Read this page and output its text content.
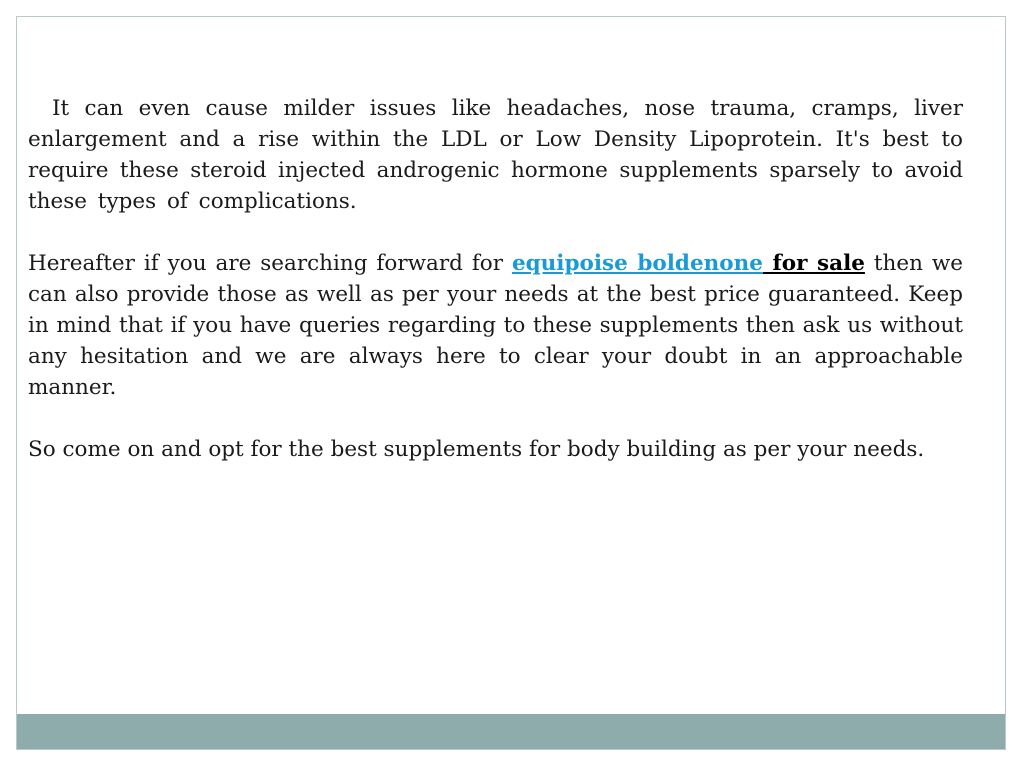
It can even cause milder issues like headaches, nose trauma, cramps, liver enlargement and a rise within the LDL or Low Density Lipoprotein. It's best to require these steroid injected androgenic hormone supplements sparsely to avoid these types of complications.

Hereafter if you are searching forward for equipoise boldenone for sale then we can also provide those as well as per your needs at the best price guaranteed. Keep in mind that if you have queries regarding to these supplements then ask us without any hesitation and we are always here to clear your doubt in an approachable manner.

So come on and opt for the best supplements for body building as per your needs.
